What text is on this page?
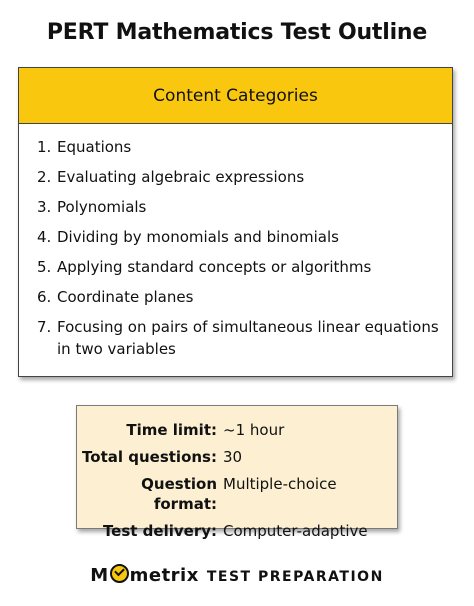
PERT Mathematics Test Outline
Content Categories
1. Equations
2. Evaluating algebraic expressions
3. Polynomials
4. Dividing by monomials and binomials
5. Applying standard concepts or algorithms
6. Coordinate planes
7. Focusing on pairs of simultaneous linear equations in two variables
Time limit: ~1 hour
Total questions: 30
Question format:
Multiple-choice
Test delivery: Computer-adaptive
M metrix TEST PREPARATION
